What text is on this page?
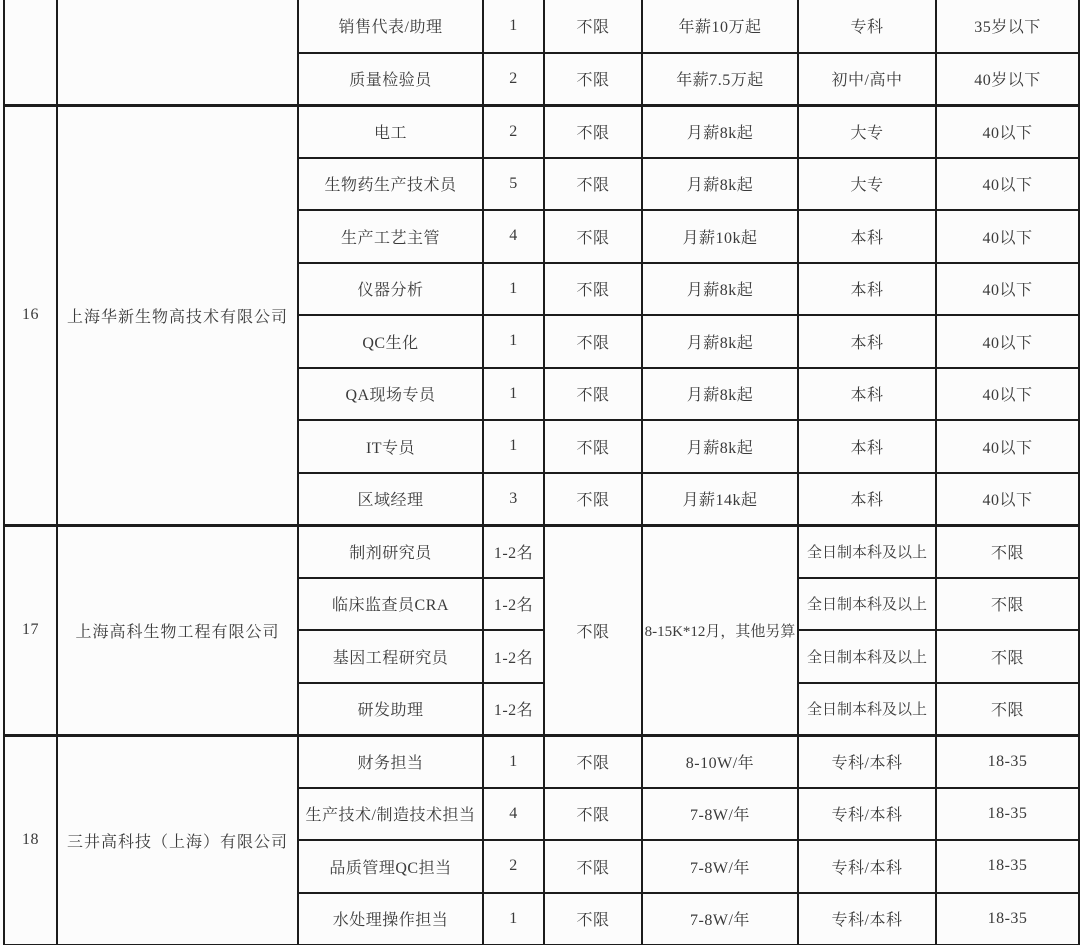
		销售代表/助理	1	不限	年薪10万起	专科	35岁以下
		质量检验员	2	不限	年薪7.5万起	初中/高中	40岁以下
16	上海华新生物高技术有限公司	电工	2	不限	月薪8k起	大专	40以下
		生物药生产技术员	5	不限	月薪8k起	大专	40以下
		生产工艺主管	4	不限	月薪10k起	本科	40以下
		仪器分析	1	不限	月薪8k起	本科	40以下
		QC生化	1	不限	月薪8k起	本科	40以下
		QA现场专员	1	不限	月薪8k起	本科	40以下
		IT专员	1	不限	月薪8k起	本科	40以下
		区域经理	3	不限	月薪14k起	本科	40以下
17	上海高科生物工程有限公司	制剂研究员	1-2名	不限	8-15K*12月，其他另算	全日制本科及以上	不限
		临床监查员CRA	1-2名			全日制本科及以上	不限
		基因工程研究员	1-2名			全日制本科及以上	不限
		研发助理	1-2名			全日制本科及以上	不限
18	三井高科技（上海）有限公司	财务担当	1	不限	8-10W/年	专科/本科	18-35
		生产技术/制造技术担当	4	不限	7-8W/年	专科/本科	18-35
		品质管理QC担当	2	不限	7-8W/年	专科/本科	18-35
		水处理操作担当	1	不限	7-8W/年	专科/本科	18-35
